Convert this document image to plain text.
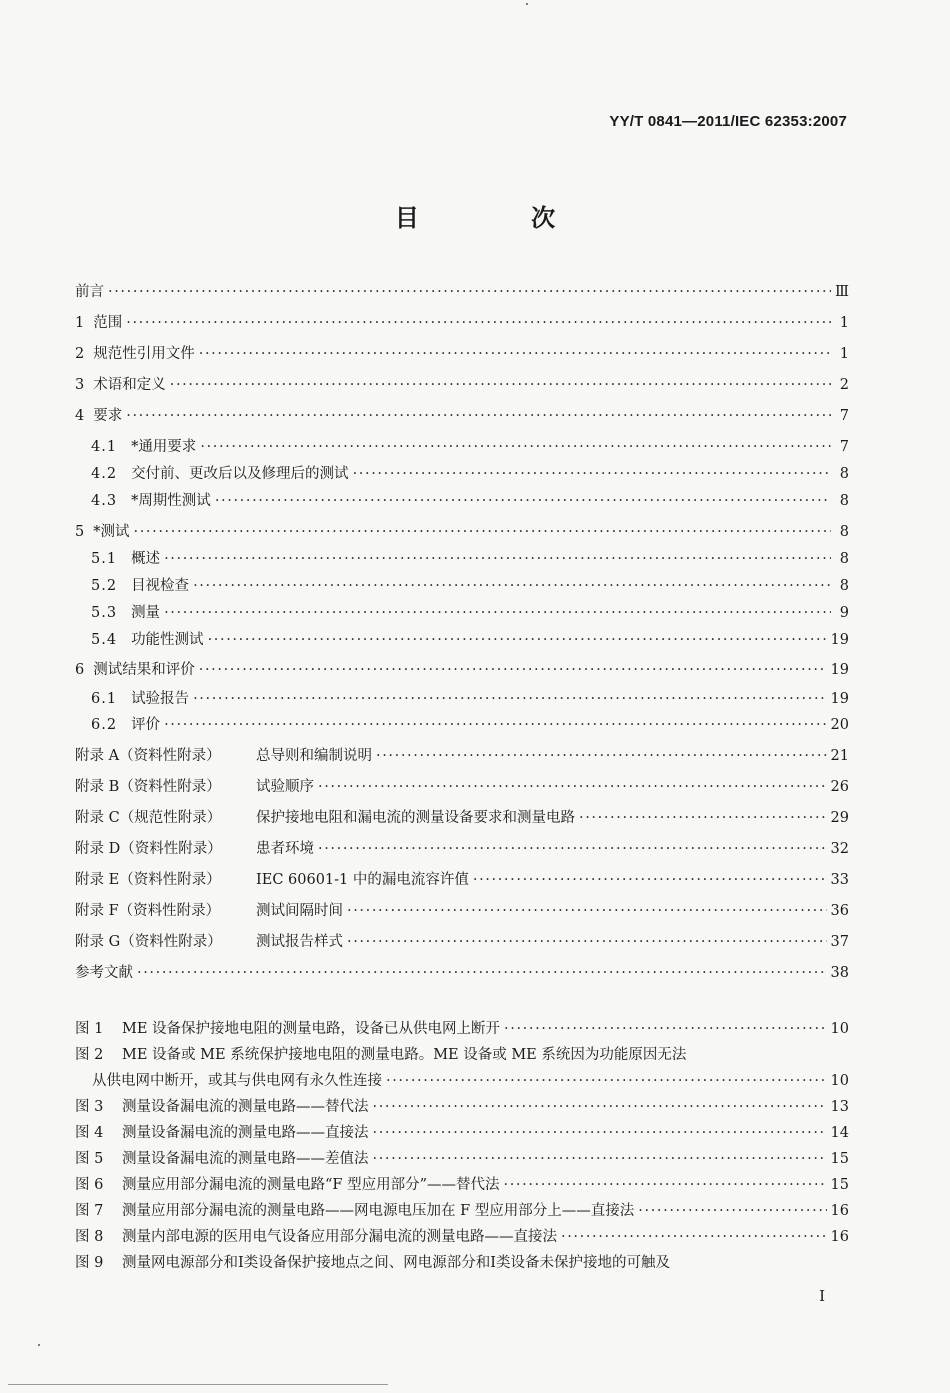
YY/T 0841—2011/IEC 62353:2007
目 次
前言 ·····	Ⅲ
1 范围 ·····	1
2 规范性引用文件 ·····	1
3 术语和定义 ·····	2
4 要求 ·····	7
4.1 *通用要求 ·····	7
4.2 交付前、更改后以及修理后的测试 ·····	8
4.3 *周期性测试 ·····	8
5 *测试 ·····	8
5.1 概述 ·····	8
5.2 目视检查 ·····	8
5.3 测量 ·····	9
5.4 功能性测试 ·····	19
6 测试结果和评价 ·····	19
6.1 试验报告 ·····	19
6.2 评价 ·····	20
附录 A（资料性附录） 总导则和编制说明 ·····	21
附录 B（资料性附录） 试验顺序 ·····	26
附录 C（规范性附录） 保护接地电阻和漏电流的测量设备要求和测量电路 ·····	29
附录 D（资料性附录） 患者环境 ·····	32
附录 E（资料性附录） IEC 60601-1 中的漏电流容许值 ·····	33
附录 F（资料性附录） 测试间隔时间 ·····	36
附录 G（资料性附录） 测试报告样式 ·····	37
参考文献 ·····	38
图 1 ME 设备保护接地电阻的测量电路，设备已从供电网上断开 ·····	10
图 2 ME 设备或 ME 系统保护接地电阻的测量电路。ME 设备或 ME 系统因为功能原因无法
从供电网中断开，或其与供电网有永久性连接 ·····	10
图 3 测量设备漏电流的测量电路——替代法 ·····	13
图 4 测量设备漏电流的测量电路——直接法 ·····	14
图 5 测量设备漏电流的测量电路——差值法 ·····	15
图 6 测量应用部分漏电流的测量电路“F 型应用部分”——替代法 ·····	15
图 7 测量应用部分漏电流的测量电路——网电源电压加在 F 型应用部分上——直接法 ·····	16
图 8 测量内部电源的医用电气设备应用部分漏电流的测量电路——直接法 ·····	16
图 9 测量网电源部分和Ⅰ类设备保护接地点之间、网电源部分和Ⅰ类设备未保护接地的可触及
Ⅰ
